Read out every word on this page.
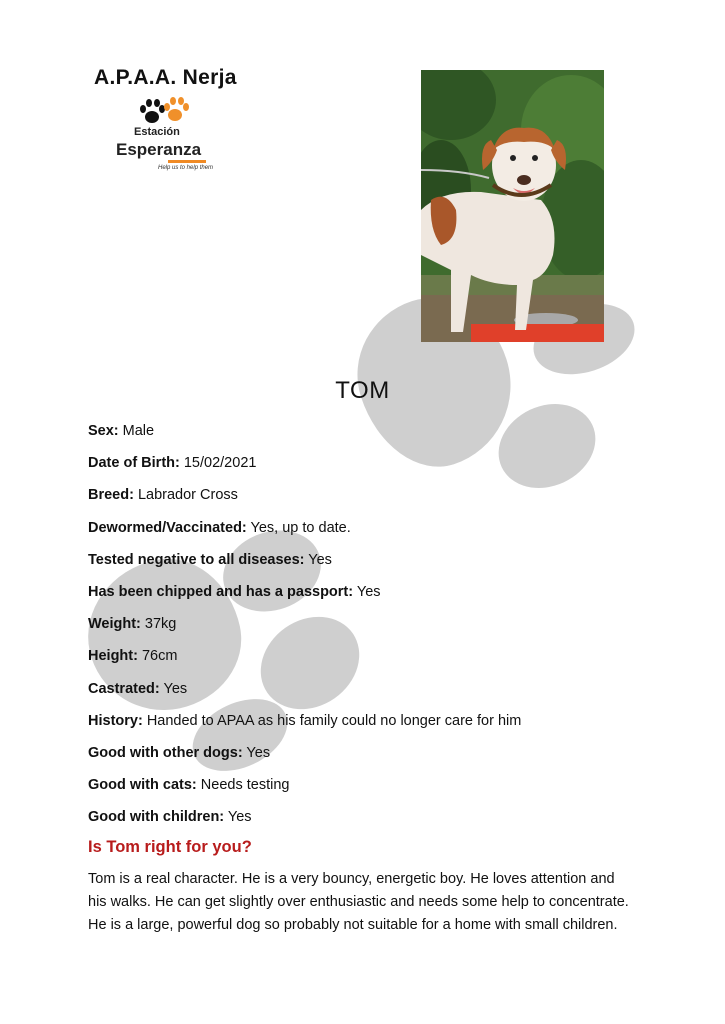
A.P.A.A. Nerja
Estación
Esperanza
Help us to help them
TOM
Sex: Male
Date of Birth: 15/02/2021
Breed: Labrador Cross
Dewormed/Vaccinated: Yes, up to date.
Tested negative to all diseases: Yes
Has been chipped and has a passport: Yes
Weight: 37kg
Height: 76cm
Castrated: Yes
History: Handed to APAA as his family could no longer care for him
Good with other dogs: Yes
Good with cats: Needs testing
Good with children: Yes
Is Tom right for you?
Tom is a real character. He is a very bouncy, energetic boy. He loves attention and his walks. He can get slightly over enthusiastic and needs some help to concentrate. He is a large, powerful dog so probably not suitable for a home with small children.
